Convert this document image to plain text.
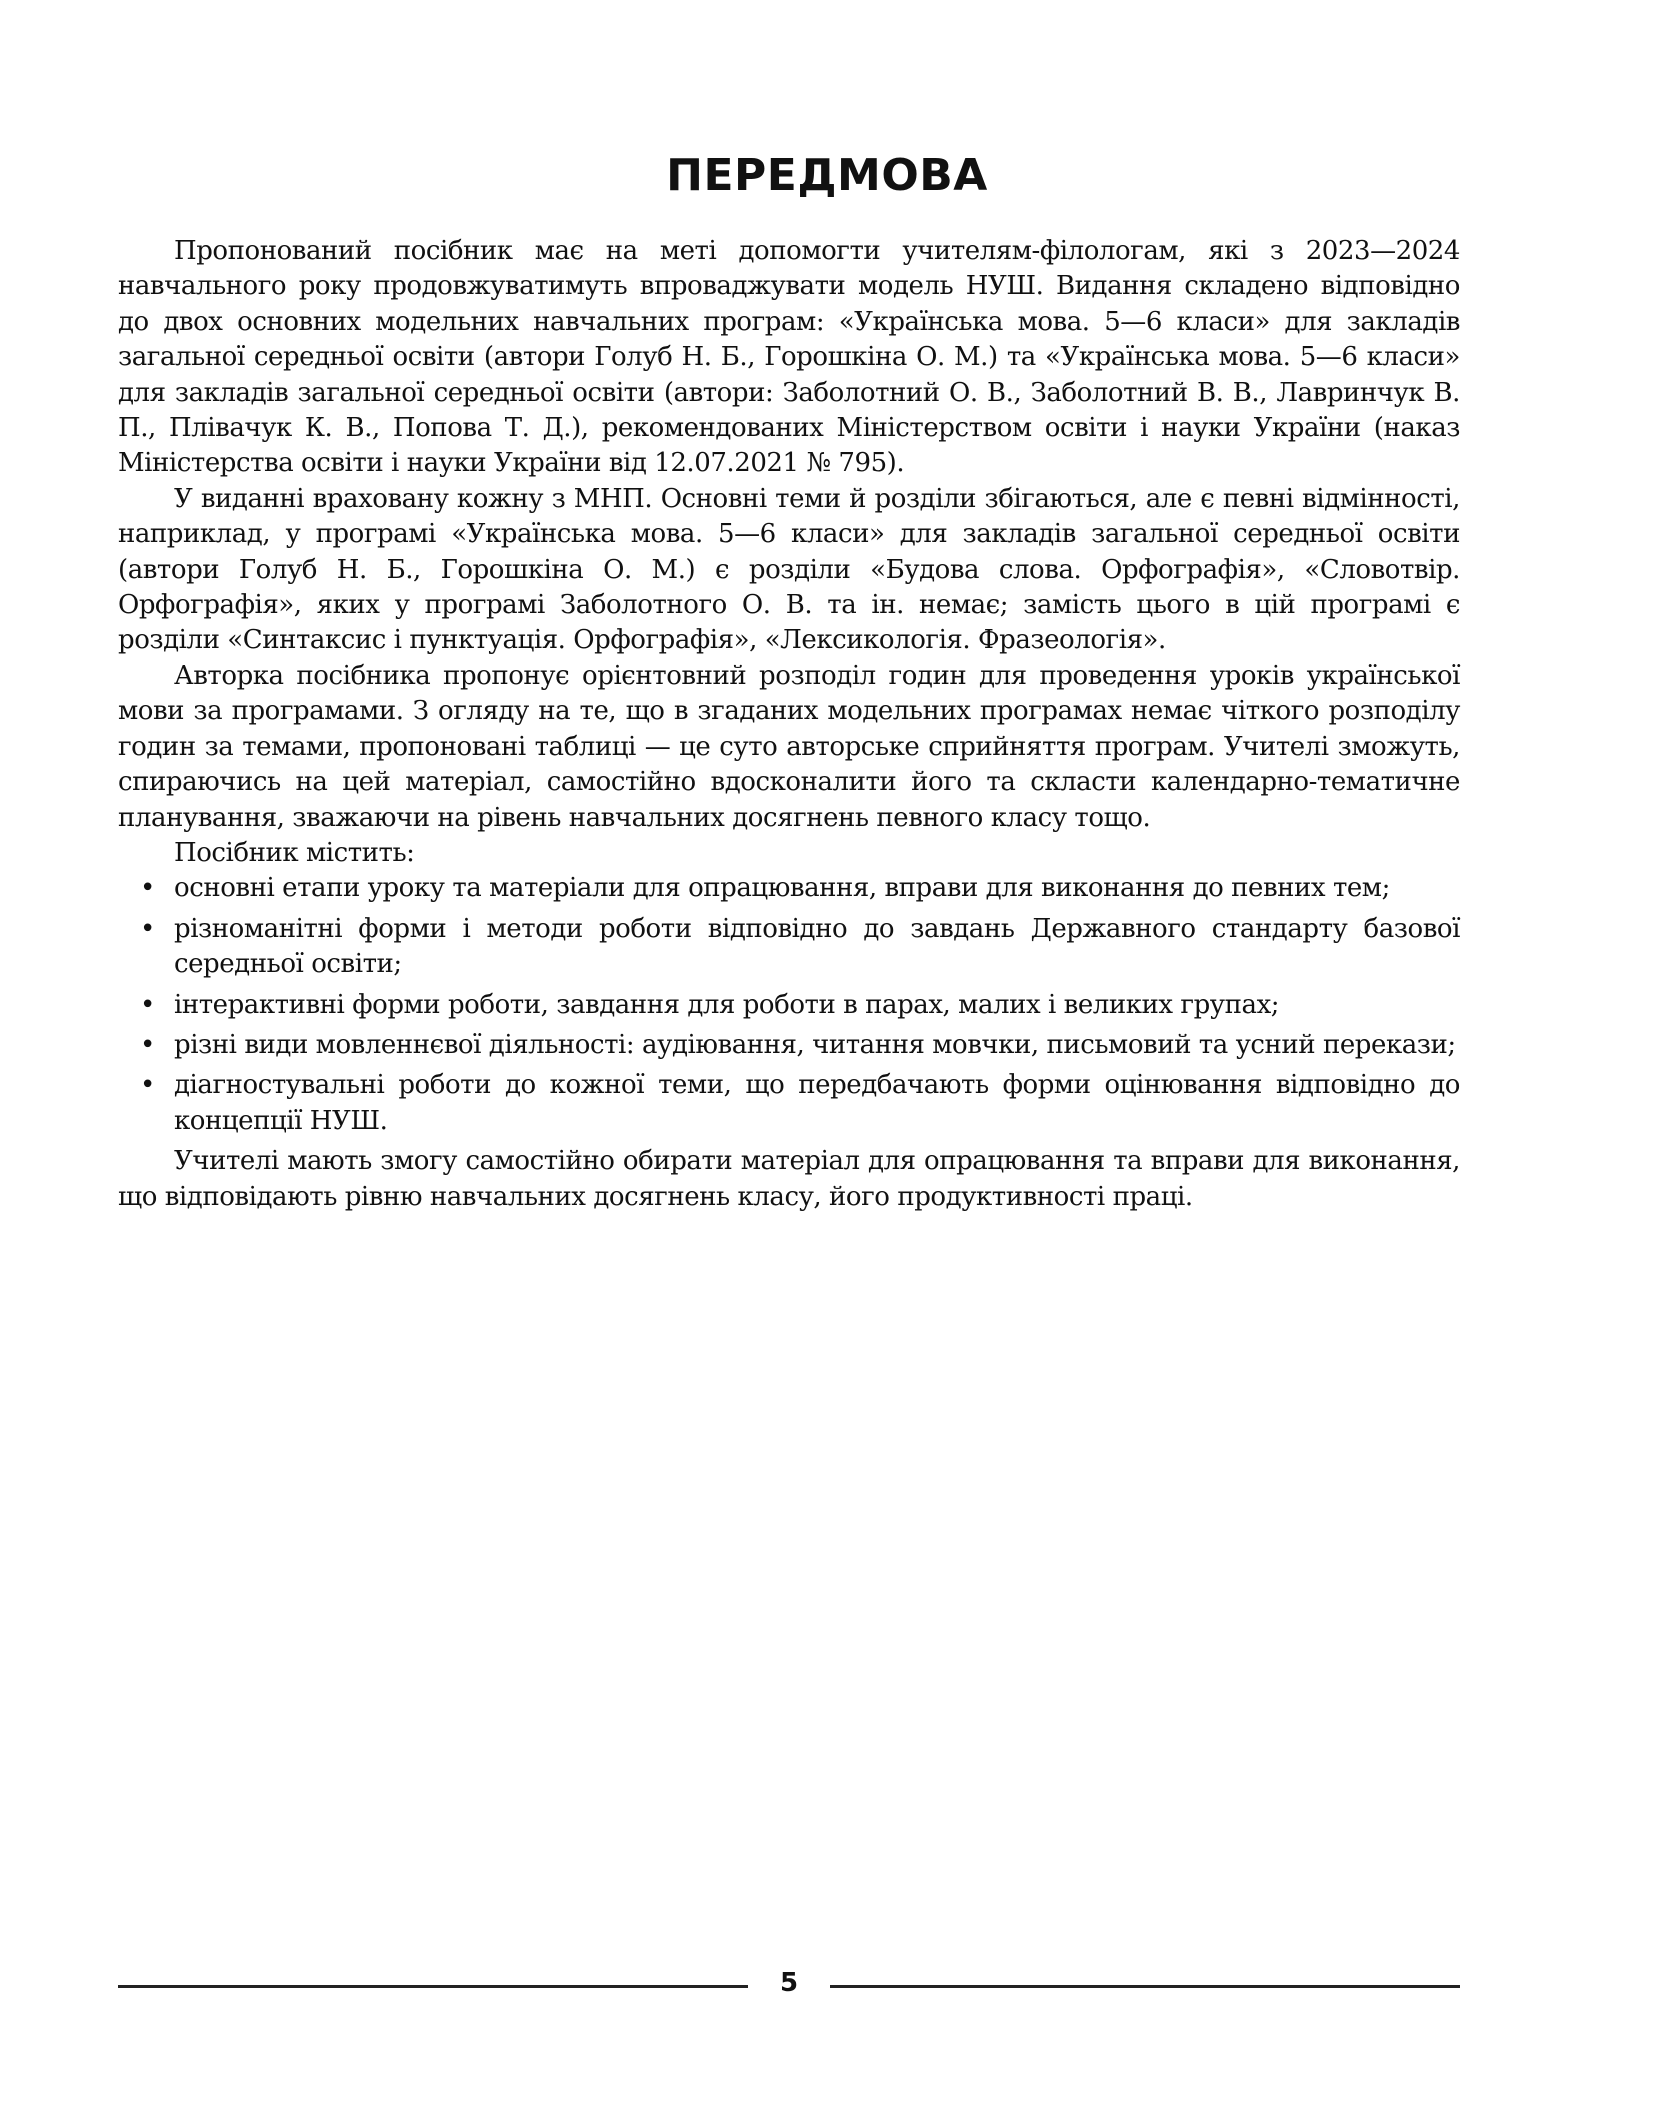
ПЕРЕДМОВА

Пропонований посібник має на меті допомогти учителям-філологам, які з 2023—2024 навчального року продовжуватимуть впроваджувати модель НУШ. Видання складено відповідно до двох основних модельних навчальних програм: «Українська мова. 5—6 класи» для закладів загальної середньої освіти (автори Голуб Н. Б., Горошкіна О. М.) та «Українська мова. 5—6 класи» для закладів загальної середньої освіти (автори: Заболотний О. В., Заболотний В. В., Лавринчук В. П., Плівачук К. В., Попова Т. Д.), рекомендованих Міністерством освіти і науки України (наказ Міністерства освіти і науки України від 12.07.2021 № 795).

У виданні враховану кожну з МНП. Основні теми й розділи збігаються, але є певні відмінності, наприклад, у програмі «Українська мова. 5—6 класи» для закладів загальної середньої освіти (автори Голуб Н. Б., Горошкіна О. М.) є розділи «Будова слова. Орфографія», «Словотвір. Орфографія», яких у програмі Заболотного О. В. та ін. немає; замість цього в цій програмі є розділи «Синтаксис і пунктуація. Орфографія», «Лексикологія. Фразеологія».

Авторка посібника пропонує орієнтовний розподіл годин для проведення уроків української мови за програмами. З огляду на те, що в згаданих модельних програмах немає чіткого розподілу годин за темами, пропоновані таблиці — це суто авторське сприйняття програм. Учителі зможуть, спираючись на цей матеріал, самостійно вдосконалити його та скласти календарно-тематичне планування, зважаючи на рівень навчальних досягнень певного класу тощо.

Посібник містить:

• основні етапи уроку та матеріали для опрацювання, вправи для виконання до певних тем;
• різноманітні форми і методи роботи відповідно до завдань Державного стандарту базової середньої освіти;
• інтерактивні форми роботи, завдання для роботи в парах, малих і великих групах;
• різні види мовленнєвої діяльності: аудіювання, читання мовчки, письмовий та усний перекази;
• діагностувальні роботи до кожної теми, що передбачають форми оцінювання відповідно до концепції НУШ.

Учителі мають змогу самостійно обирати матеріал для опрацювання та вправи для виконання, що відповідають рівню навчальних досягнень класу, його продуктивності праці.

5
